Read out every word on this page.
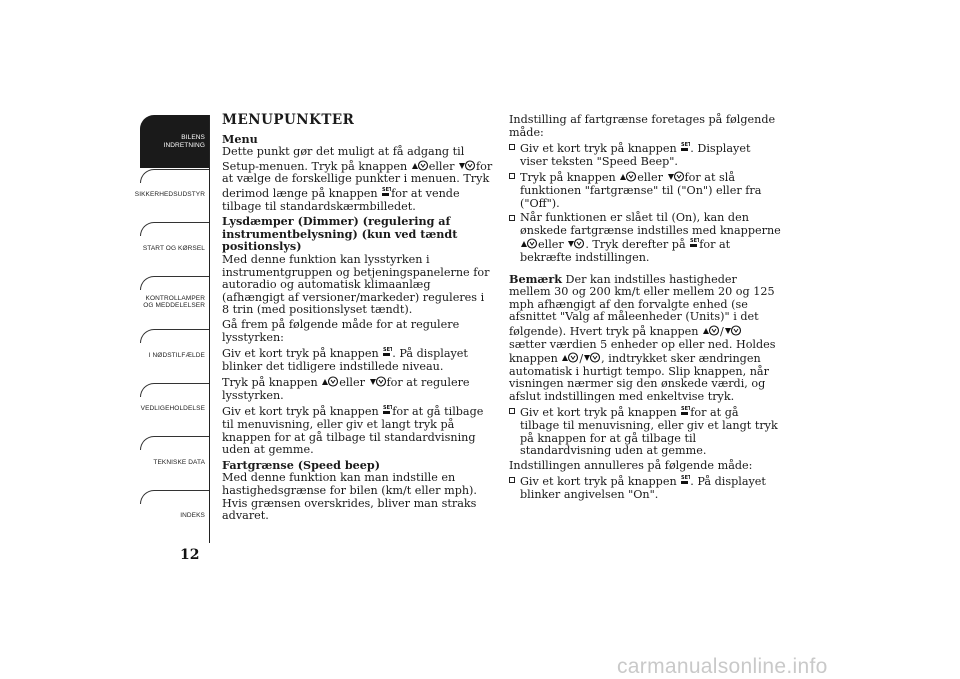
BILENS
INDRETNING
SIKKERHEDSUDSTYR
START OG KØRSEL
KONTROLLAMPER
OG MEDDELELSER
I NØDSTILFÆLDE
VEDLIGEHOLDELSE
TEKNISKE DATA
INDEKS
12

MENUPUNKTER

Menu

Dette punkt gør det muligt at få adgang til Setup-menuen. Tryk på knappen eller for at vælge de forskellige punkter i menuen. Tryk derimod længe på knappen for at vende tilbage til standardskærmbilledet.

Lysdæmper (Dimmer) (regulering af instrumentbelysning) (kun ved tændt positionslys)

Med denne funktion kan lysstyrken i instrumentgruppen og betjeningspanelerne for autoradio og automatisk klimaanlæg (afhængigt af versioner/markeder) reguleres i 8 trin (med positionslyset tændt).

Gå frem på følgende måde for at regulere lysstyrken:

Giv et kort tryk på knappen . På displayet blinker det tidligere indstillede niveau.

Tryk på knappen eller for at regulere lysstyrken.

Giv et kort tryk på knappen for at gå tilbage til menuvisning, eller giv et langt tryk på knappen for at gå tilbage til standardvisning uden at gemme.

Fartgrænse (Speed beep)

Med denne funktion kan man indstille en hastighedsgrænse for bilen (km/t eller mph). Hvis grænsen overskrides, bliver man straks advaret.

Indstilling af fartgrænse foretages på følgende måde:

Giv et kort tryk på knappen . Displayet viser teksten "Speed Beep".

Tryk på knappen eller for at slå funktionen "fartgrænse" til ("On") eller fra ("Off").

Når funktionen er slået til (On), kan den ønskede fartgrænse indstilles med knapperne eller . Tryk derefter på for at bekræfte indstillingen.

Bemærk Der kan indstilles hastigheder mellem 30 og 200 km/t eller mellem 20 og 125 mph afhængigt af den forvalgte enhed (se afsnittet "Valg af måleenheder (Units)" i det følgende). Hvert tryk på knappen / sætter værdien 5 enheder op eller ned. Holdes knappen / , indtrykket sker ændringen automatisk i hurtigt tempo. Slip knappen, når visningen nærmer sig den ønskede værdi, og afslut indstillingen med enkeltvise tryk.

Giv et kort tryk på knappen for at gå tilbage til menuvisning, eller giv et langt tryk på knappen for at gå tilbage til standardvisning uden at gemme.

Indstillingen annulleres på følgende måde:

Giv et kort tryk på knappen . På displayet blinker angivelsen "On".

carmanualsonline.info
